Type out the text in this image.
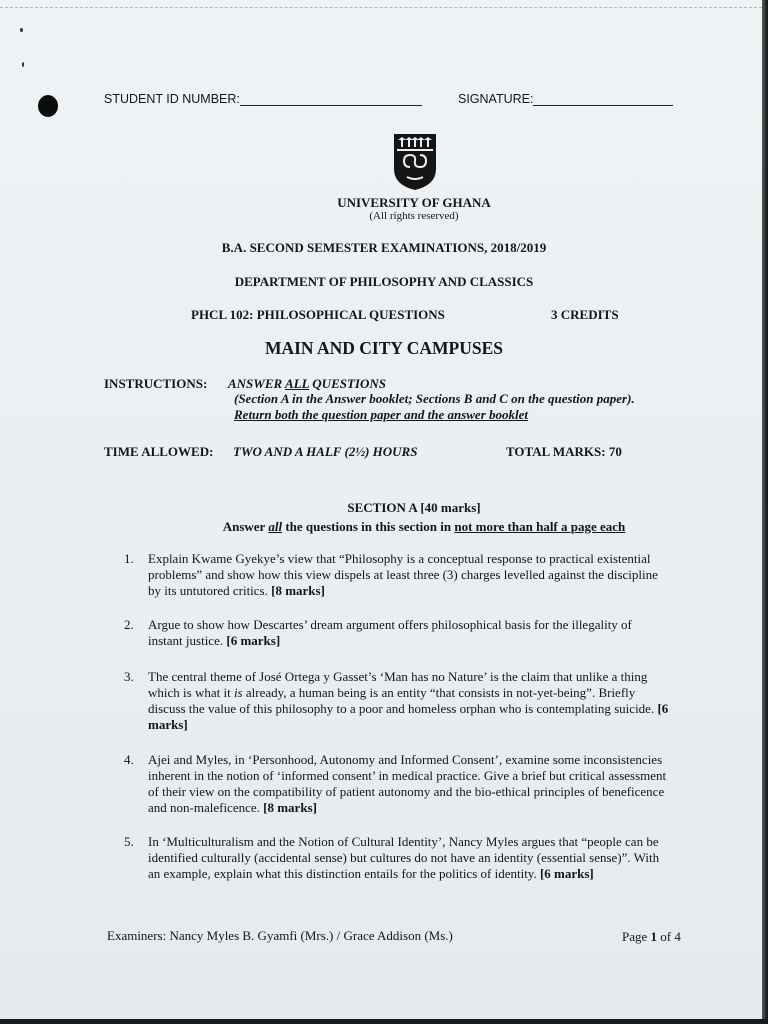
STUDENT ID NUMBER:	SIGNATURE:
UNIVERSITY OF GHANA
(All rights reserved)
B.A. SECOND SEMESTER EXAMINATIONS, 2018/2019
DEPARTMENT OF PHILOSOPHY AND CLASSICS
PHCL 102: PHILOSOPHICAL QUESTIONS	3 CREDITS
MAIN AND CITY CAMPUSES
INSTRUCTIONS: ANSWER ALL QUESTIONS
(Section A in the Answer booklet; Sections B and C on the question paper). Return both the question paper and the answer booklet
TIME ALLOWED: TWO AND A HALF (2½) HOURS	TOTAL MARKS: 70
SECTION A [40 marks]
Answer all the questions in this section in not more than half a page each
1. Explain Kwame Gyekye’s view that “Philosophy is a conceptual response to practical existential problems” and show how this view dispels at least three (3) charges levelled against the discipline by its untutored critics. [8 marks]
2. Argue to show how Descartes’ dream argument offers philosophical basis for the illegality of instant justice. [6 marks]
3. The central theme of José Ortega y Gasset’s ‘Man has no Nature’ is the claim that unlike a thing which is what it is already, a human being is an entity “that consists in not-yet-being”. Briefly discuss the value of this philosophy to a poor and homeless orphan who is contemplating suicide. [6 marks]
4. Ajei and Myles, in ‘Personhood, Autonomy and Informed Consent’, examine some inconsistencies inherent in the notion of ‘informed consent’ in medical practice. Give a brief but critical assessment of their view on the compatibility of patient autonomy and the bio-ethical principles of beneficence and non-maleficence. [8 marks]
5. In ‘Multiculturalism and the Notion of Cultural Identity’, Nancy Myles argues that “people can be identified culturally (accidental sense) but cultures do not have an identity (essential sense)”. With an example, explain what this distinction entails for the politics of identity. [6 marks]
Examiners: Nancy Myles B. Gyamfi (Mrs.) / Grace Addison (Ms.)	Page 1 of 4
